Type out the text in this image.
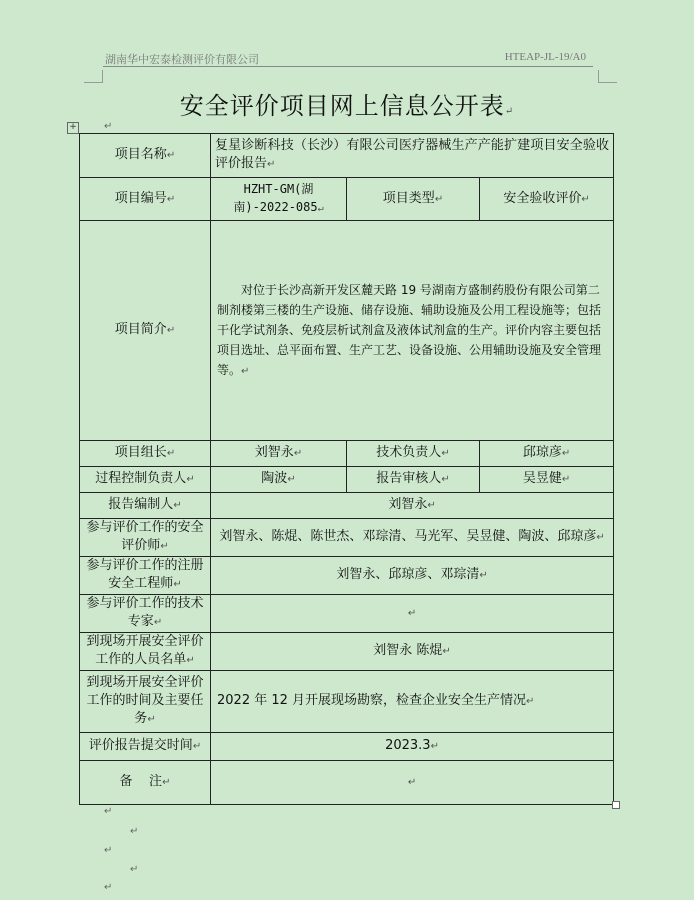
湖南华中宏泰检测评价有限公司	HTEAP-JL-19/A0
安全评价项目网上信息公开表↵
+	↵
项目名称↵	复星诊断科技（长沙）有限公司医疗器械生产产能扩建项目安全验收评价报告↵		
项目编号↵	HZHT-GM(湖南)-2022-085↵	项目类型↵	安全验收评价↵
项目简介↵	对位于长沙高新开发区麓天路 19 号湖南方盛制药股份有限公司第二制剂楼第三楼的生产设施、储存设施、辅助设施及公用工程设施等；包括干化学试剂条、免疫层析试剂盒及液体试剂盒的生产。评价内容主要包括项目选址、总平面布置、生产工艺、设备设施、公用辅助设施及安全管理等。↵		
项目组长↵	刘智永↵	技术负责人↵	邱琼彦↵
过程控制负责人↵	陶波↵	报告审核人↵	吴昱健↵
报告编制人↵	刘智永↵		
参与评价工作的安全评价师↵	刘智永、陈焜、陈世杰、邓琮清、马光军、吴昱健、陶波、邱琼彦↵		
参与评价工作的注册安全工程师↵	刘智永、邱琼彦、邓琮清↵		
参与评价工作的技术专家↵	↵		
到现场开展安全评价工作的人员名单↵	刘智永 陈焜↵		
到现场开展安全评价工作的时间及主要任务↵	2022 年 12 月开展现场勘察，检查企业安全生产情况↵		
评价报告提交时间↵	2023.3↵		
备    注↵	↵		
↵
↵
↵
↵
↵
